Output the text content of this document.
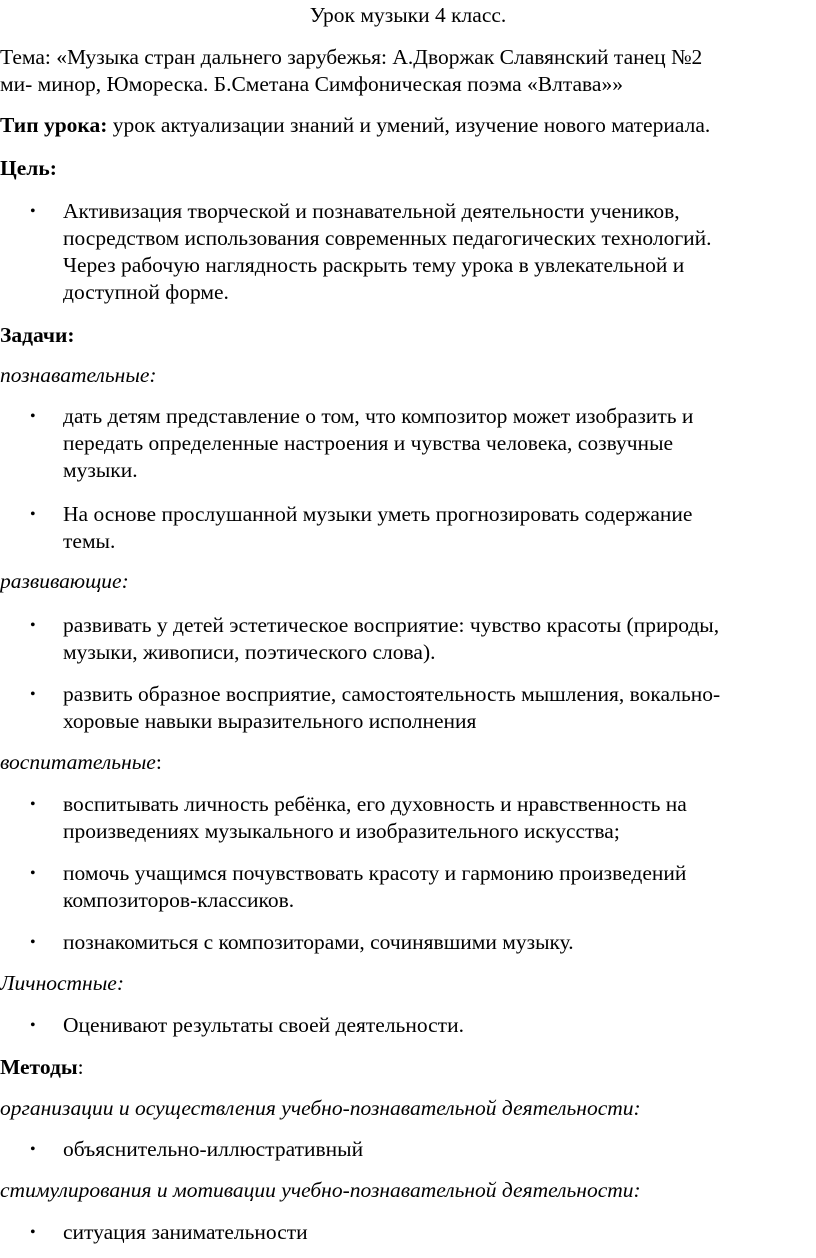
Урок музыки 4 класс.

Тема: «Музыка стран дальнего зарубежья: А.Дворжак Славянский танец №2
ми- минор, Юмореска. Б.Сметана Симфоническая поэма «Влтава»»
Тип урока: урок актуализации знаний и умений, изучение нового материала.
Цель:
• Активизация творческой и познавательной деятельности учеников,
посредством использования современных педагогических технологий.
Через рабочую наглядность раскрыть тему урока в увлекательной и
доступной форме.
Задачи:
познавательные:
• дать детям представление о том, что композитор может изобразить и
передать определенные настроения и чувства человека, созвучные
музыки.
• На основе прослушанной музыки уметь прогнозировать содержание
темы.
развивающие:
• развивать у детей эстетическое восприятие: чувство красоты (природы,
музыки, живописи, поэтического слова).
• развить образное восприятие, самостоятельность мышления, вокально-
хоровые навыки выразительного исполнения
воспитательные:
• воспитывать личность ребёнка, его духовность и нравственность на
произведениях музыкального и изобразительного искусства;
• помочь учащимся почувствовать красоту и гармонию произведений
композиторов-классиков.
• познакомиться с композиторами, сочинявшими музыку.
Личностные:
• Оценивают результаты своей деятельности.
Методы:
организации и осуществления учебно-познавательной деятельности:
• объяснительно-иллюстративный
стимулирования и мотивации учебно-познавательной деятельности:
• ситуация занимательности
